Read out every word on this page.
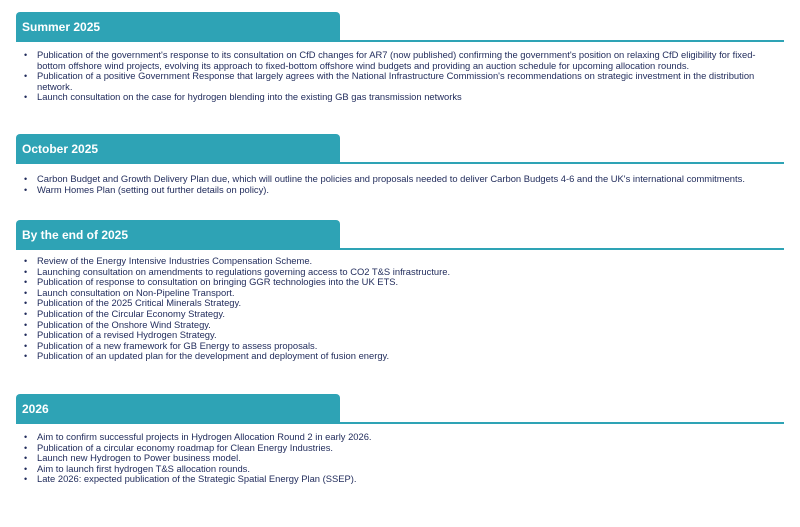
Summer 2025
• Publication of the government's response to its consultation on CfD changes for AR7 (now published) confirming the government's position on relaxing CfD eligibility for fixed-bottom offshore wind projects, evolving its approach to fixed-bottom offshore wind budgets and providing an auction schedule for upcoming allocation rounds.
• Publication of a positive Government Response that largely agrees with the National Infrastructure Commission's recommendations on strategic investment in the distribution network.
• Launch consultation on the case for hydrogen blending into the existing GB gas transmission networks
October 2025
• Carbon Budget and Growth Delivery Plan due, which will outline the policies and proposals needed to deliver Carbon Budgets 4-6 and the UK's international commitments.
• Warm Homes Plan (setting out further details on policy).
By the end of 2025
• Review of the Energy Intensive Industries Compensation Scheme.
• Launching consultation on amendments to regulations governing access to CO2 T&S infrastructure.
• Publication of response to consultation on bringing GGR technologies into the UK ETS.
• Launch consultation on Non-Pipeline Transport.
• Publication of the 2025 Critical Minerals Strategy.
• Publication of the Circular Economy Strategy.
• Publication of the Onshore Wind Strategy.
• Publication of a revised Hydrogen Strategy.
• Publication of a new framework for GB Energy to assess proposals.
• Publication of an updated plan for the development and deployment of fusion energy.
2026
• Aim to confirm successful projects in Hydrogen Allocation Round 2 in early 2026.
• Publication of a circular economy roadmap for Clean Energy Industries.
• Launch new Hydrogen to Power business model.
• Aim to launch first hydrogen T&S allocation rounds.
• Late 2026: expected publication of the Strategic Spatial Energy Plan (SSEP).
